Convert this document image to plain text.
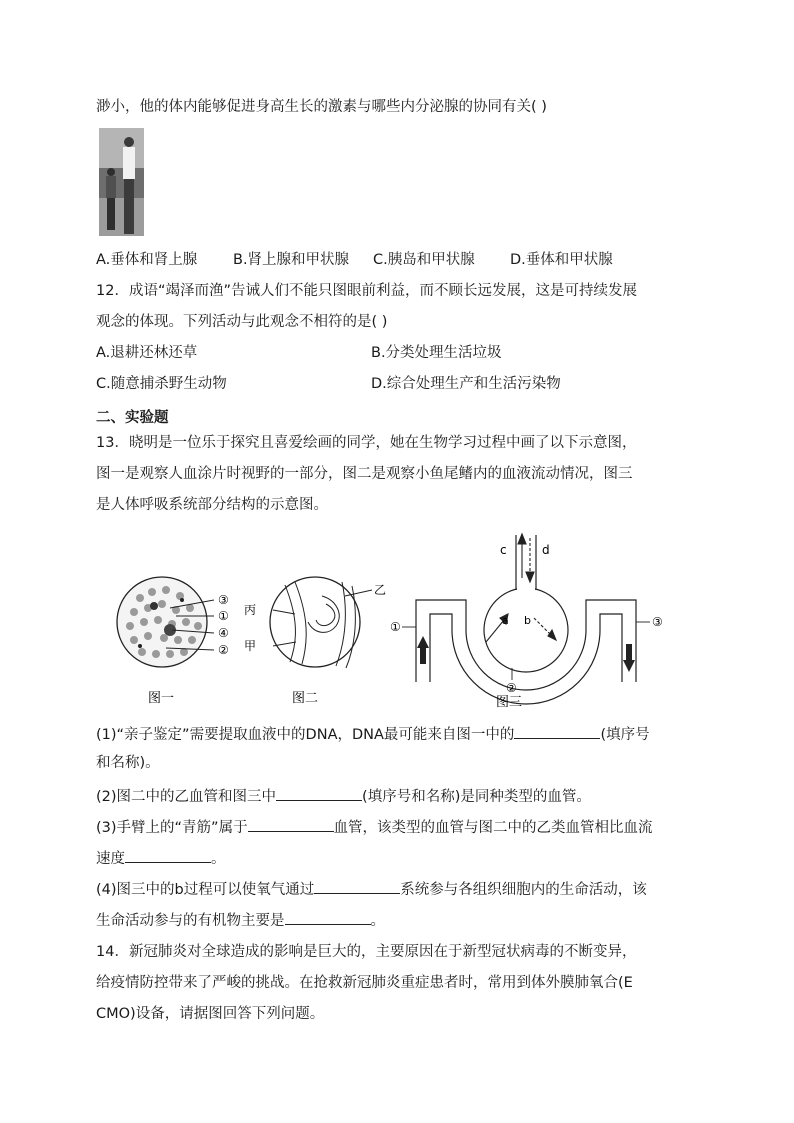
渺小，他的体内能够促进身高生长的激素与哪些内分泌腺的协同有关( )
A.垂体和肾上腺 B.肾上腺和甲状腺 C.胰岛和甲状腺 D.垂体和甲状腺
12．成语“竭泽而渔”告诫人们不能只图眼前利益，而不顾长远发展，这是可持续发展
观念的体现。下列活动与此观念不相符的是( )
A.退耕还林还草	B.分类处理生活垃圾
C.随意捕杀野生动物	D.综合处理生产和生活污染物
二、实验题
13．晓明是一位乐于探究且喜爱绘画的同学，她在生物学习过程中画了以下示意图，
图一是观察人血涂片时视野的一部分，图二是观察小鱼尾鳍内的血液流动情况，图三
是人体呼吸系统部分结构的示意图。
③
①
④
②
图一
乙
丙
甲
图二
c	d
a b
①	③
②
图三
(1)“亲子鉴定”需要提取血液中的DNA，DNA最可能来自图一中的	(填序号
和名称)。
(2)图二中的乙血管和图三中	(填序号和名称)是同种类型的血管。
(3)手臂上的“青筋”属于	血管，该类型的血管与图二中的乙类血管相比血流
速度	。
(4)图三中的b过程可以使氧气通过	系统参与各组织细胞内的生命活动，该
生命活动参与的有机物主要是	。
14．新冠肺炎对全球造成的影响是巨大的，主要原因在于新型冠状病毒的不断变异，
给疫情防控带来了严峻的挑战。在抢救新冠肺炎重症患者时，常用到体外膜肺氧合(E
CMO)设备，请据图回答下列问题。
